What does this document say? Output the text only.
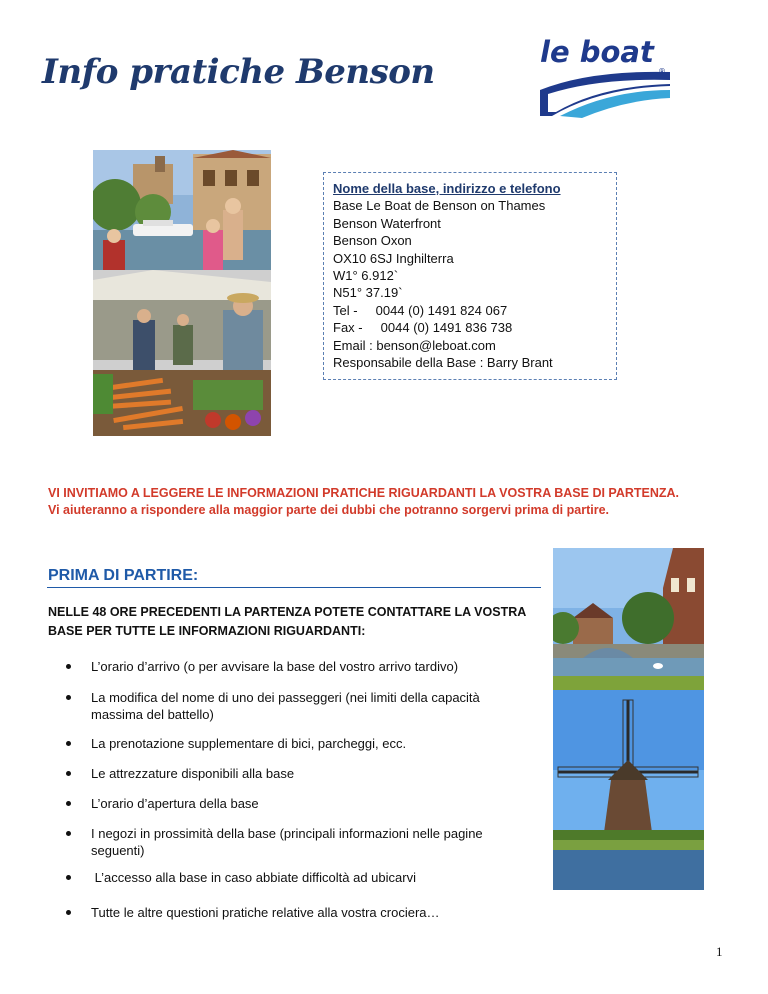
Info pratiche Benson	le boat
®
Nome della base, indirizzo e telefono
Base Le Boat de Benson on Thames
Benson Waterfront
Benson Oxon
OX10 6SJ Inghilterra
W1° 6.912`
N51° 37.19`
Tel -     0044 (0) 1491 824 067
Fax -     0044 (0) 1491 836 738
Email : benson@leboat.com
Responsabile della Base : Barry Brant
VI INVITIAMO A LEGGERE LE INFORMAZIONI PRATICHE RIGUARDANTI LA VOSTRA BASE DI PARTENZA.
Vi aiuteranno a rispondere alla maggior parte dei dubbi che potranno sorgervi prima di partire.
PRIMA DI PARTIRE:
NELLE 48 ORE PRECEDENTI LA PARTENZA POTETE CONTATTARE LA VOSTRA
BASE PER TUTTE LE INFORMAZIONI RIGUARDANTI:
L’orario d’arrivo (o per avvisare la base del vostro arrivo tardivo)
La modifica del nome di uno dei passeggeri (nei limiti della capacità massima del battello)
La prenotazione supplementare di bici, parcheggi, ecc.
Le attrezzature disponibili alla base
L’orario d’apertura della base
I negozi in prossimità della base (principali informazioni nelle pagine seguenti)
L’accesso alla base in caso abbiate difficoltà ad ubicarvi
Tutte le altre questioni pratiche relative alla vostra crociera…
1
